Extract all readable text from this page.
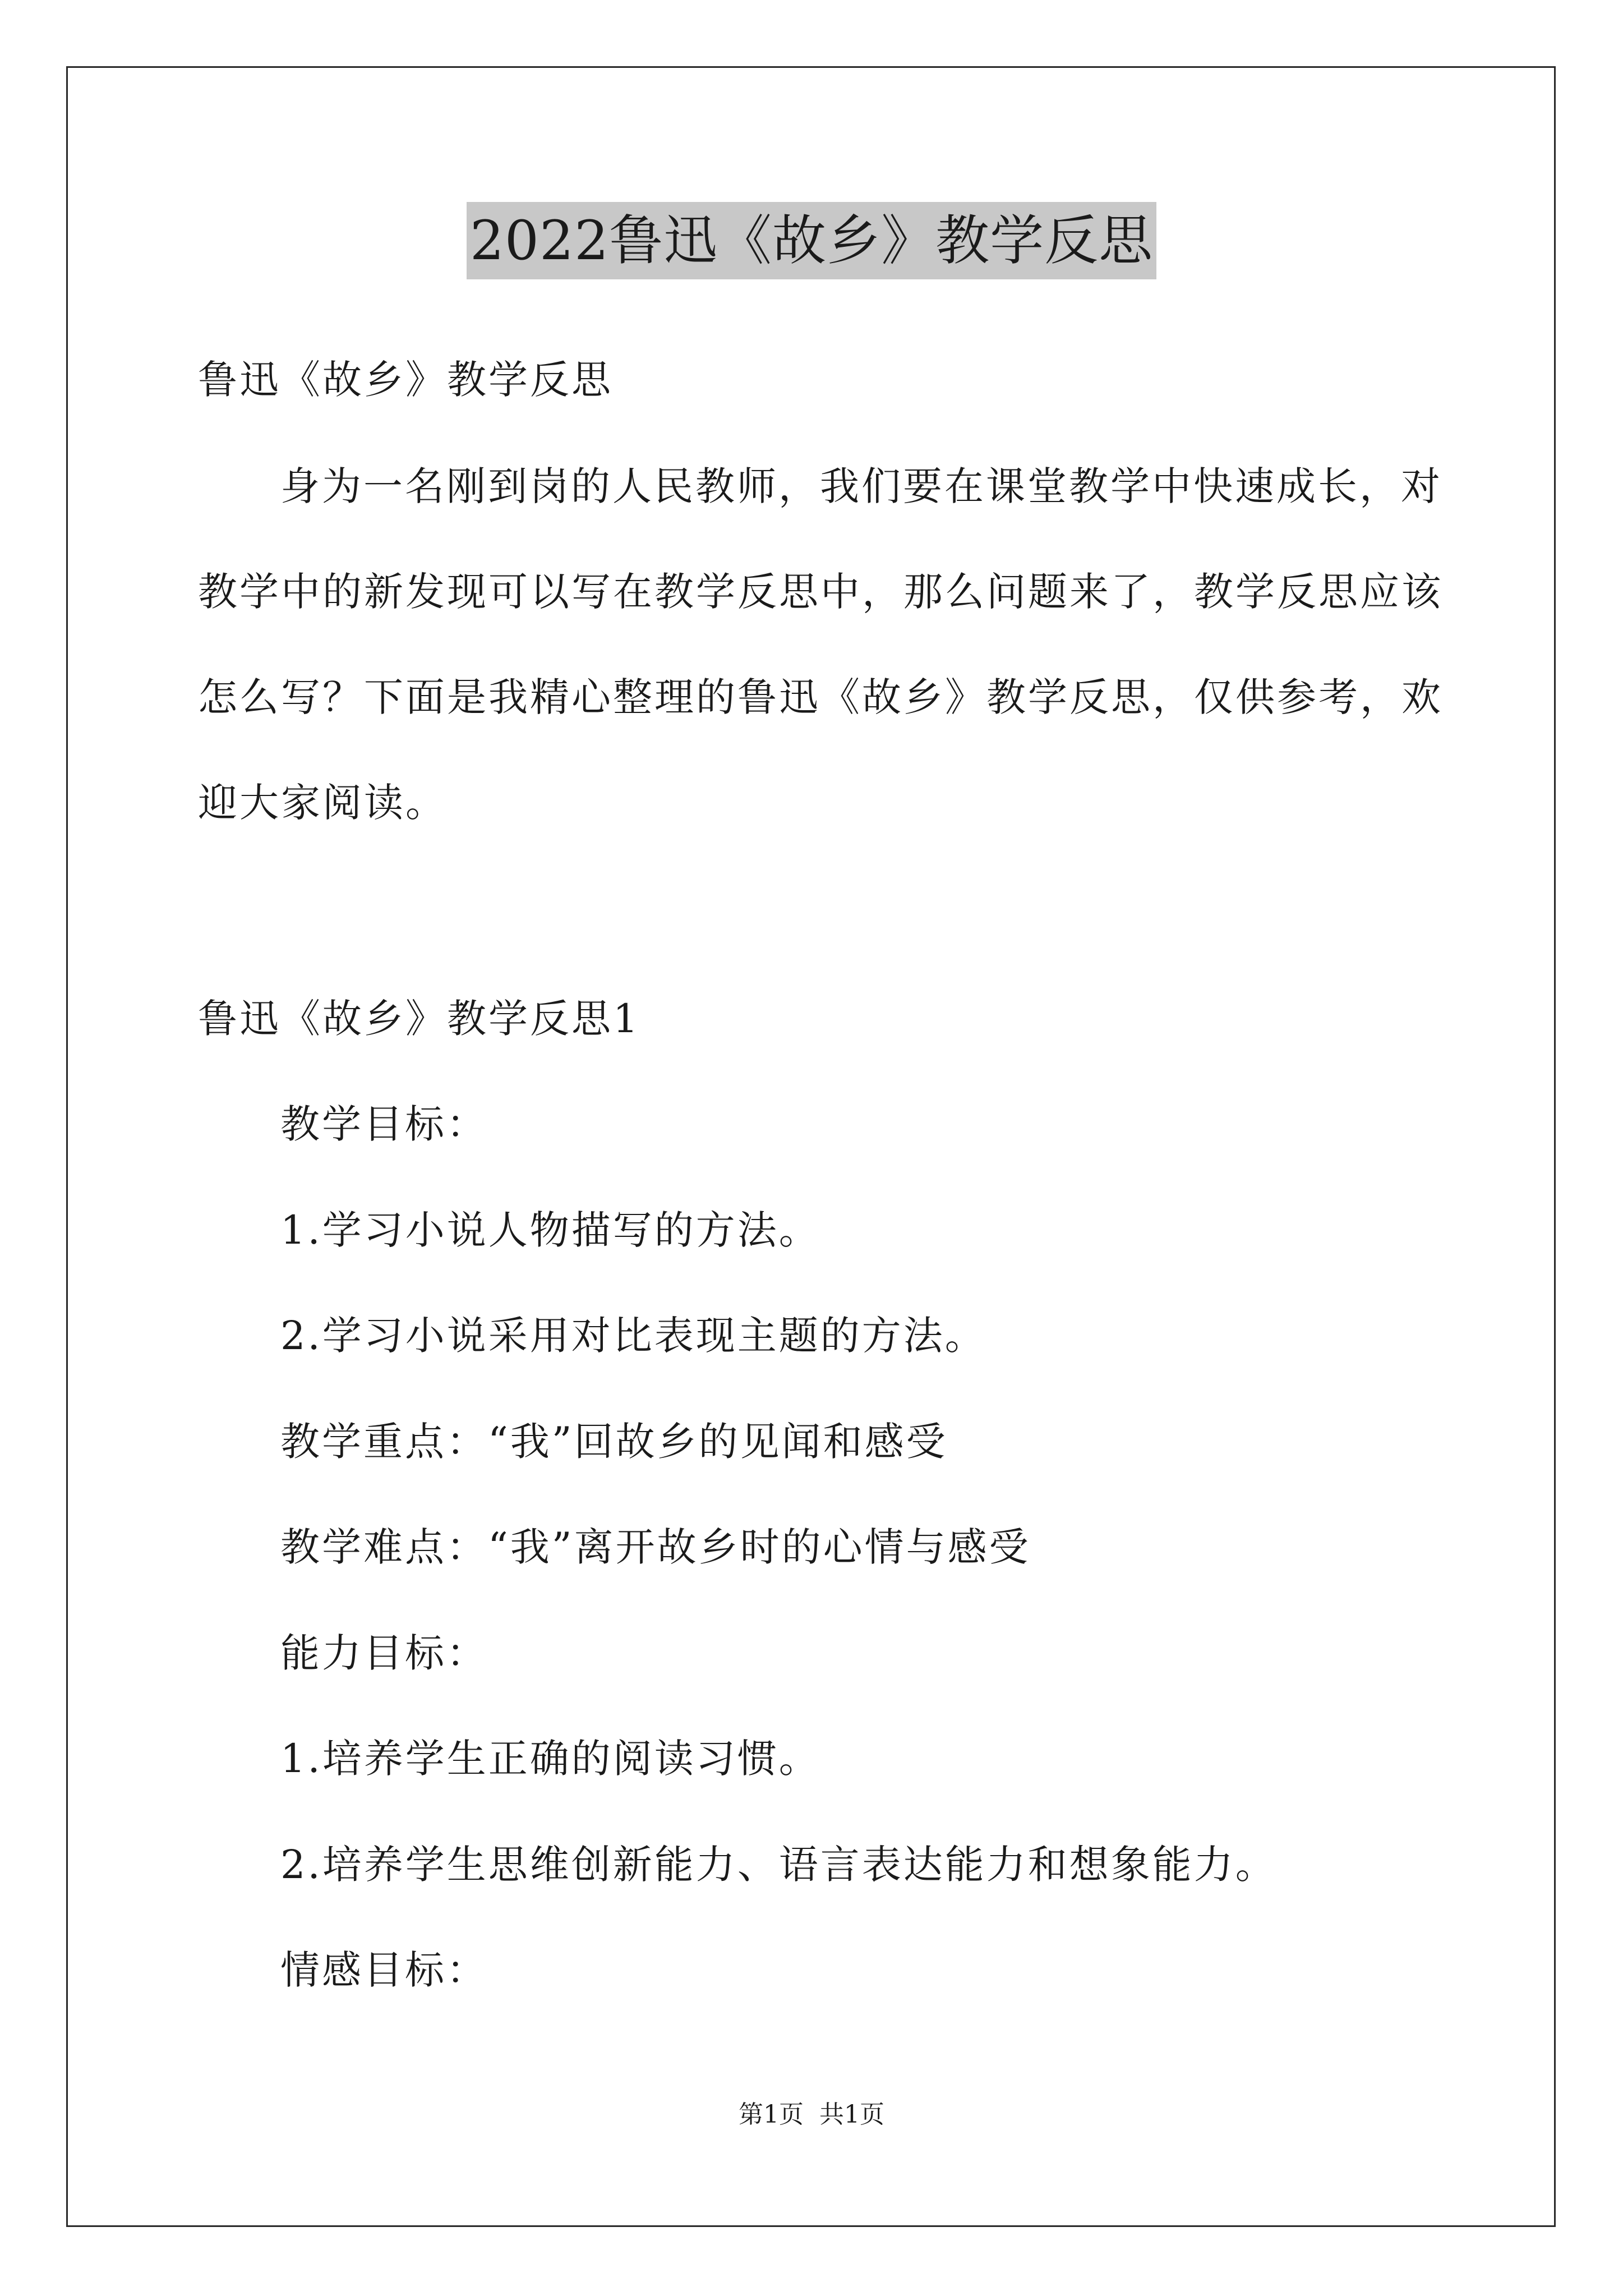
2022鲁迅《故乡》教学反思
鲁迅《故乡》教学反思
身为一名刚到岗的人民教师，我们要在课堂教学中快速成长，对
教学中的新发现可以写在教学反思中，那么问题来了，教学反思应该
怎么写？下面是我精心整理的鲁迅《故乡》教学反思，仅供参考，欢
迎大家阅读。
鲁迅《故乡》教学反思1
教学目标：
1.学习小说人物描写的方法。
2.学习小说采用对比表现主题的方法。
教学重点：“我”回故乡的见闻和感受
教学难点：“我”离开故乡时的心情与感受
能力目标：
1.培养学生正确的阅读习惯。
2.培养学生思维创新能力、语言表达能力和想象能力。
情感目标：
第1页 共1页
